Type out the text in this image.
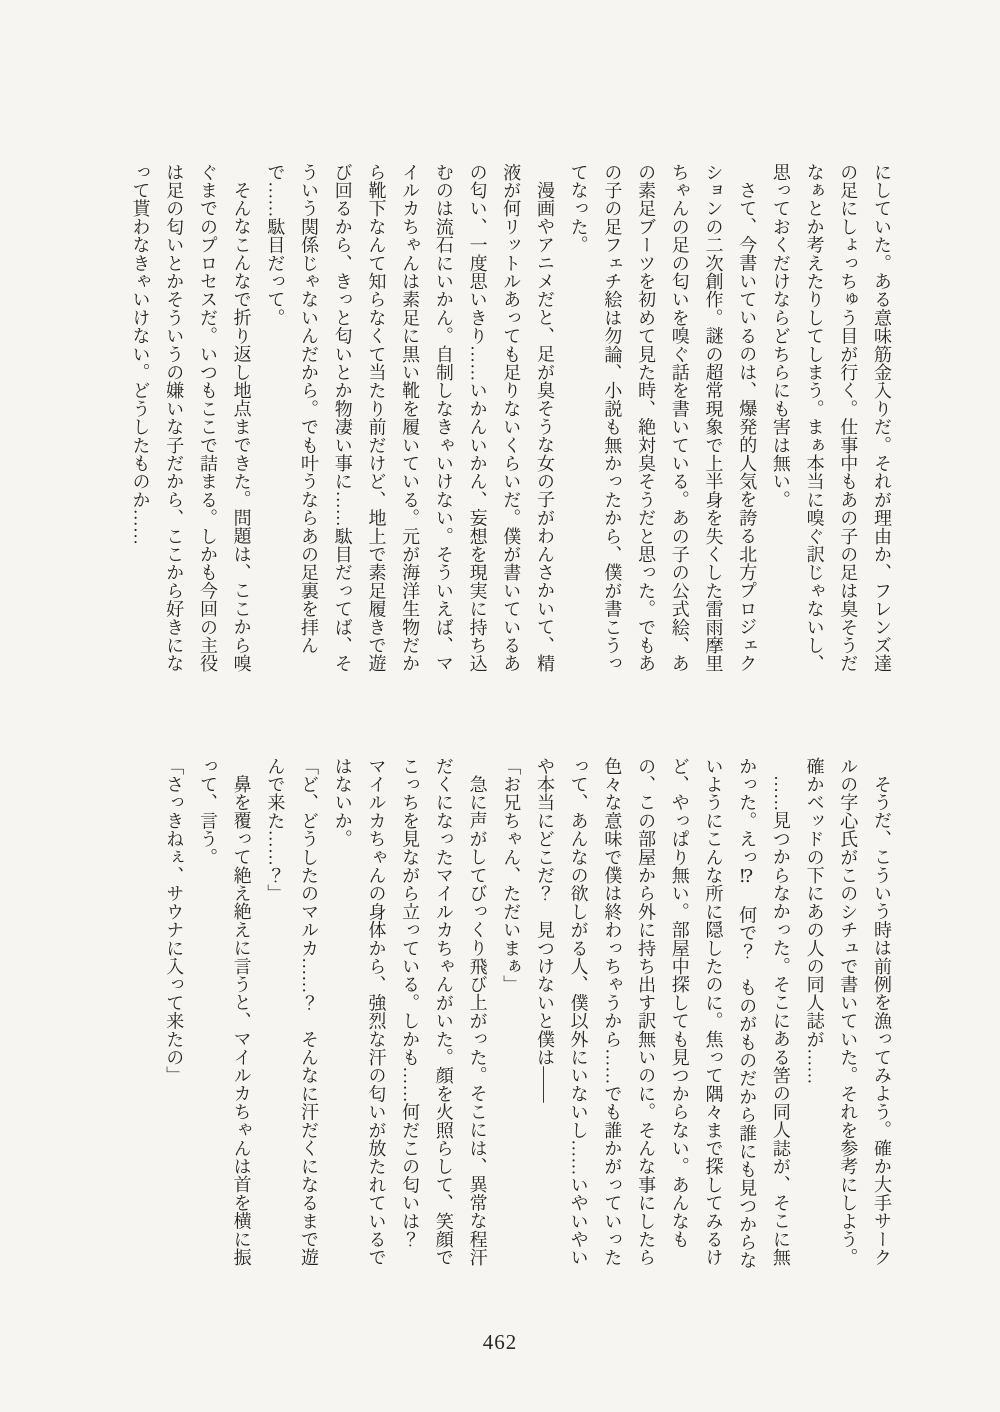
にしていた。ある意味筋金入りだ。それが理由か、フレンズ達の足にしょっちゅう目が行く。仕事中もあの子の足は臭そうだなぁとか考えたりしてしまう。まぁ本当に嗅ぐ訳じゃないし、思っておくだけならどちらにも害は無い。

さて、今書いているのは、爆発的人気を誇る北方プロジェクションの二次創作。謎の超常現象で上半身を失くした雷雨摩里ちゃんの足の匂いを嗅ぐ話を書いている。あの子の公式絵、あの素足ブーツを初めて見た時、絶対臭そうだと思った。でもあの子の足フェチ絵は勿論、小説も無かったから、僕が書こうってなった。

漫画やアニメだと、足が臭そうな女の子がわんさかいて、精液が何リットルあっても足りないくらいだ。僕が書いているあの匂い、一度思いきり……いかんいかん、妄想を現実に持ち込むのは流石にいかん。自制しなきゃいけない。そういえば、マイルカちゃんは素足に黒い靴を履いている。元が海洋生物だから靴下なんて知らなくて当たり前だけど、地上で素足履きで遊び回るから、きっと匂いとか物凄い事に……駄目だってば、そういう関係じゃないんだから。でも叶うならあの足裏を拝んで……駄目だって。

そんなこんなで折り返し地点まできた。問題は、ここから嗅ぐまでのプロセスだ。いつもここで詰まる。しかも今回の主役は足の匂いとかそういうの嫌いな子だから、ここから好きになって貰わなきゃいけない。どうしたものか……

そうだ、こういう時は前例を漁ってみよう。確か大手サークルの字心氏がこのシチュで書いていた。それを参考にしよう。確かベッドの下にあの人の同人誌が……

……見つからなかった。そこにある筈の同人誌が、そこに無かった。えっ⁉　何で？　ものがものだから誰にも見つからないようにこんな所に隠したのに。焦って隅々まで探してみるけど、やっぱり無い。部屋中探しても見つからない。あんなもの、この部屋から外に持ち出す訳無いのに。そんな事にしたら色々な意味で僕は終わっちゃうから……でも誰かがっていったって、あんなの欲しがる人、僕以外にいないし……いやいやいや本当にどこだ？　見つけないと僕は――

「お兄ちゃん、ただいまぁ」

急に声がしてびっくり飛び上がった。そこには、異常な程汗だくになったマイルカちゃんがいた。顔を火照らして、笑顔でこっちを見ながら立っている。しかも……何だこの匂いは？　マイルカちゃんの身体から、強烈な汗の匂いが放たれているではないか。

「ど、どうしたのマルカ……？　そんなに汗だくになるまで遊んで来た……？」

鼻を覆って絶え絶えに言うと、マイルカちゃんは首を横に振って、言う。

「さっきねぇ、サウナに入って来たの」

462
